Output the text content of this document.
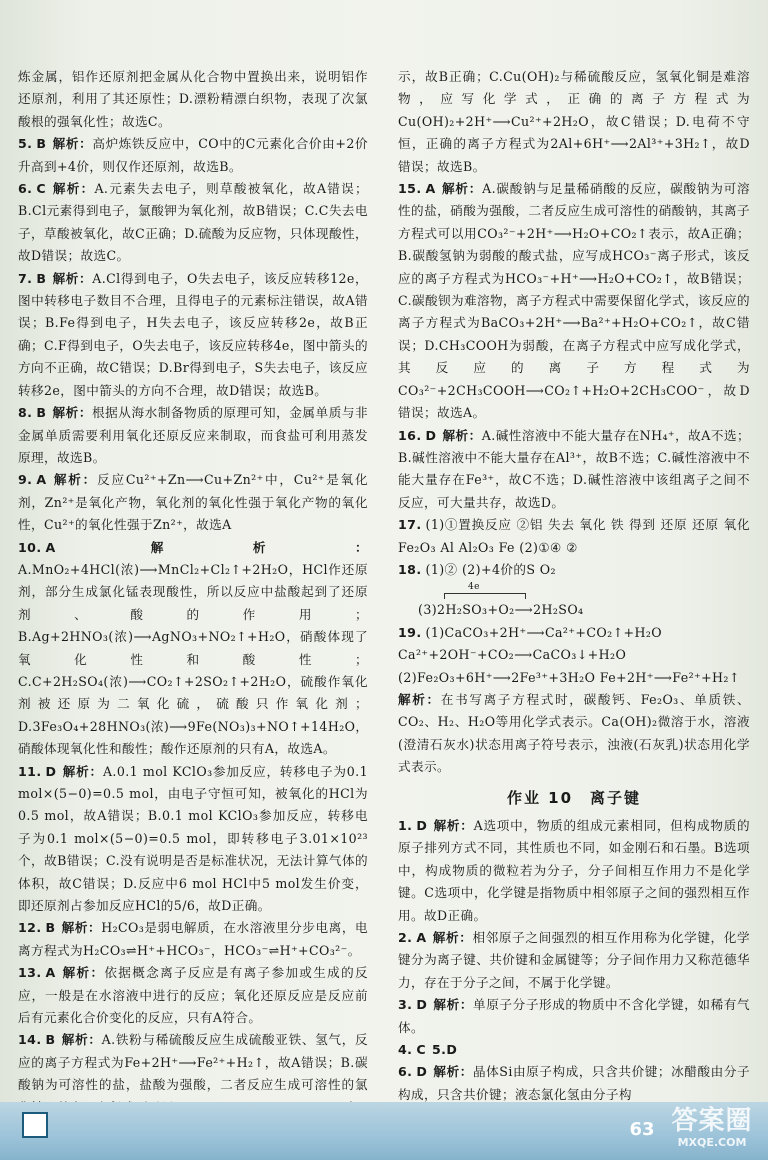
炼金属，铝作还原剂把金属从化合物中置换出来，说明铝作还原剂，利用了其还原性；D.漂粉精漂白织物，表现了次氯酸根的强氧化性；故选C。

5. B 解析：高炉炼铁反应中，CO中的C元素化合价由+2价升高到+4价，则仅作还原剂，故选B。

6. C 解析：A.元素失去电子，则草酸被氧化，故A错误；B.Cl元素得到电子，氯酸钾为氧化剂，故B错误；C.C失去电子，草酸被氧化，故C正确；D.硫酸为反应物，只体现酸性，故D错误；故选C。

7. B 解析：A.Cl得到电子，O失去电子，该反应转移12e，图中转移电子数目不合理，且得电子的元素标注错误，故A错误；B.Fe得到电子，H失去电子，该反应转移2e，故B正确；C.F得到电子，O失去电子，该反应转移4e，图中箭头的方向不正确，故C错误；D.Br得到电子，S失去电子，该反应转移2e，图中箭头的方向不合理，故D错误；故选B。

8. B 解析：根据从海水制备物质的原理可知，金属单质与非金属单质需要利用氧化还原反应来制取，而食盐可利用蒸发原理，故选B。

9. A 解析：反应Cu²⁺+Zn⟶Cu+Zn²⁺中，Cu²⁺是氧化剂，Zn²⁺是氧化产物，氧化剂的氧化性强于氧化产物的氧化性，Cu²⁺的氧化性强于Zn²⁺，故选A

10. A 解析：A.MnO₂+4HCl(浓)⟶MnCl₂+Cl₂↑+2H₂O，HCl作还原剂，部分生成氯化锰表现酸性，所以反应中盐酸起到了还原剂、酸的作用；B.Ag+2HNO₃(浓)⟶AgNO₃+NO₂↑+H₂O，硝酸体现了氧化性和酸性；C.C+2H₂SO₄(浓)⟶CO₂↑+2SO₂↑+2H₂O，硫酸作氧化剂被还原为二氧化硫，硫酸只作氧化剂；D.3Fe₃O₄+28HNO₃(浓)⟶9Fe(NO₃)₃+NO↑+14H₂O，硝酸体现氧化性和酸性；酸作还原剂的只有A，故选A。

11. D 解析：A.0.1 mol KClO₃参加反应，转移电子为0.1 mol×(5−0)=0.5 mol，由电子守恒可知，被氧化的HCl为0.5 mol，故A错误；B.0.1 mol KClO₃参加反应，转移电子为0.1 mol×(5−0)=0.5 mol，即转移电子3.01×10²³个，故B错误；C.没有说明是否是标准状况，无法计算气体的体积，故C错误；D.反应中6 mol HCl中5 mol发生价变，即还原剂占参加反应HCl的5/6，故D正确。

12. B 解析：H₂CO₃是弱电解质，在水溶液里分步电离，电离方程式为H₂CO₃⇌H⁺+HCO₃⁻，HCO₃⁻⇌H⁺+CO₃²⁻。

13. A 解析：依据概念离子反应是有离子参加或生成的反应，一般是在水溶液中进行的反应；氧化还原反应是反应前后有元素化合价变化的反应，只有A符合。

14. B 解析：A.铁粉与稀硫酸反应生成硫酸亚铁、氢气，反应的离子方程式为Fe+2H⁺⟶Fe²⁺+H₂↑，故A错误；B.碳酸钠为可溶性的盐，盐酸为强酸，二者反应生成可溶性的氯

示，故B正确；C.Cu(OH)₂与稀硫酸反应，氢氧化铜是难溶物，应写化学式，正确的离子方程式为Cu(OH)₂+2H⁺⟶Cu²⁺+2H₂O，故C错误；D.电荷不守恒，正确的离子方程式为2Al+6H⁺⟶2Al³⁺+3H₂↑，故D错误；故选B。

15. A 解析：A.碳酸钠与足量稀硝酸的反应，碳酸钠为可溶性的盐，硝酸为强酸，二者反应生成可溶性的硝酸钠，其离子方程式可以用CO₃²⁻+2H⁺⟶H₂O+CO₂↑表示，故A正确；B.碳酸氢钠为弱酸的酸式盐，应写成HCO₃⁻离子形式，该反应的离子方程式为HCO₃⁻+H⁺⟶H₂O+CO₂↑，故B错误；C.碳酸钡为难溶物，离子方程式中需要保留化学式，该反应的离子方程式为BaCO₃+2H⁺⟶Ba²⁺+H₂O+CO₂↑，故C错误；D.CH₃COOH为弱酸，在离子方程式中应写成化学式，其反应的离子方程式为CO₃²⁻+2CH₃COOH⟶CO₂↑+H₂O+2CH₃COO⁻，故D错误；故选A。

16. D 解析：A.碱性溶液中不能大量存在NH₄⁺，故A不选；B.碱性溶液中不能大量存在Al³⁺，故B不选；C.碱性溶液中不能大量存在Fe³⁺，故C不选；D.碱性溶液中该组离子之间不反应，可大量共存，故选D。

17. (1)①置换反应 ②铝 失去 氧化 铁 得到 还原 还原 氧化 Fe₂O₃ Al Al₂O₃ Fe (2)①④ ②

18. (1)② (2)+4价的S O₂

4e
(3)2H₂SO₃+O₂⟶2H₂SO₄

19. (1)CaCO₃+2H⁺⟶Ca²⁺+CO₂↑+H₂O Ca²⁺+2OH⁻+CO₂⟶CaCO₃↓+H₂O (2)Fe₂O₃+6H⁺⟶2Fe³⁺+3H₂O Fe+2H⁺⟶Fe²⁺+H₂↑

解析：在书写离子方程式时，碳酸钙、Fe₂O₃、单质铁、CO₂、H₂、H₂O等用化学式表示。Ca(OH)₂微溶于水，溶液(澄清石灰水)状态用离子符号表示，浊液(石灰乳)状态用化学式表示。

作业 10　离子键

1. D 解析：A选项中，物质的组成元素相同，但构成物质的原子排列方式不同，其性质也不同，如金刚石和石墨。B选项中，构成物质的微粒若为分子，分子间相互作用力不是化学键。C选项中，化学键是指物质中相邻原子之间的强烈相互作用。故D正确。

2. A 解析：相邻原子之间强烈的相互作用称为化学键，化学键分为离子键、共价键和金属键等；分子间作用力又称范德华力，存在于分子之间，不属于化学键。

3. D 解析：单原子分子形成的物质中不含化学键，如稀有气体。

4. C 5.D

6. D 解析：晶体Si由原子构成，只含共价键；冰醋酸由分子构成，只含共价键；液态氯化氢由分子构

63 答案圈
MXQE.COM
